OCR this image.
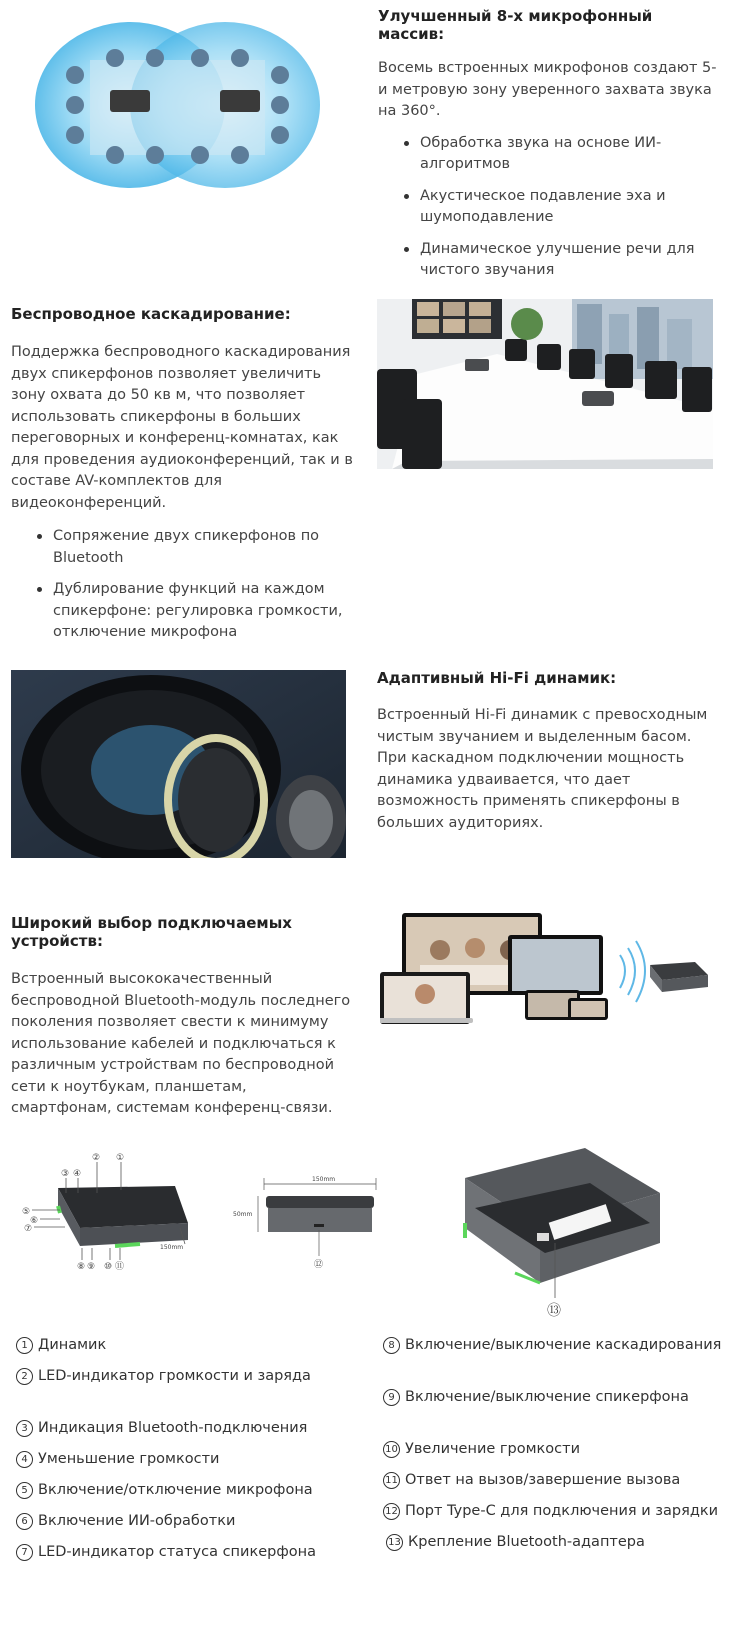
Улучшенный 8-х микрофонный массив:

Восемь встроенных микрофонов создают 5-и метровую зону уверенного захвата звука на 360°.

Обработка звука на основе ИИ-алгоритмов
Акустическое подавление эха и шумоподавление
Динамическое улучшение речи для чистого звучания
Беспроводное каскадирование:

Поддержка беспроводного каскадирования двух спикерфонов позволяет увеличить зону охвата до 50 кв м, что позволяет использовать спикерфоны в больших переговорных и конференц-комнатах, как для проведения аудиоконференций, так и в составе AV-комплектов для видеоконференций.

Сопряжение двух спикерфонов по Bluetooth
Дублирование функций на каждом спикерфоне: регулировка громкости, отключение микрофона
Адаптивный Hi-Fi динамик:

Встроенный Hi-Fi динамик с превосходным чистым звучанием и выделенным басом. При каскадном подключении мощность динамика удваивается, что дает возможность применять спикерфоны в больших аудиториях.

Широкий выбор подключаемых устройств:

Встроенный высококачественный беспроводной Bluetooth-модуль последнего поколения позволяет свести к минимуму использование кабелей и подключаться к различным устройствам по беспроводной сети к ноутбукам, планшетам, смартфонам, системам конференц-связи.

③ ④
② ①
⑤
⑥
⑦
⑧ ⑨ ⑩ ⑪
150mm
150mm
50mm
⑫
⑬
1 Динамик
2 LED-индикатор громкости и заряда
3 Индикация Bluetooth-подключения
4 Уменьшение громкости
5 Включение/отключение микрофона
6 Включение ИИ-обработки
7 LED-индикатор статуса спикерфона
8 Включение/выключение каскадирования
9 Включение/выключение спикерфона
10 Увеличение громкости
11 Ответ на вызов/завершение вызова
12 Порт Type-C для подключения и зарядки
13 Крепление Bluetooth-адаптера
